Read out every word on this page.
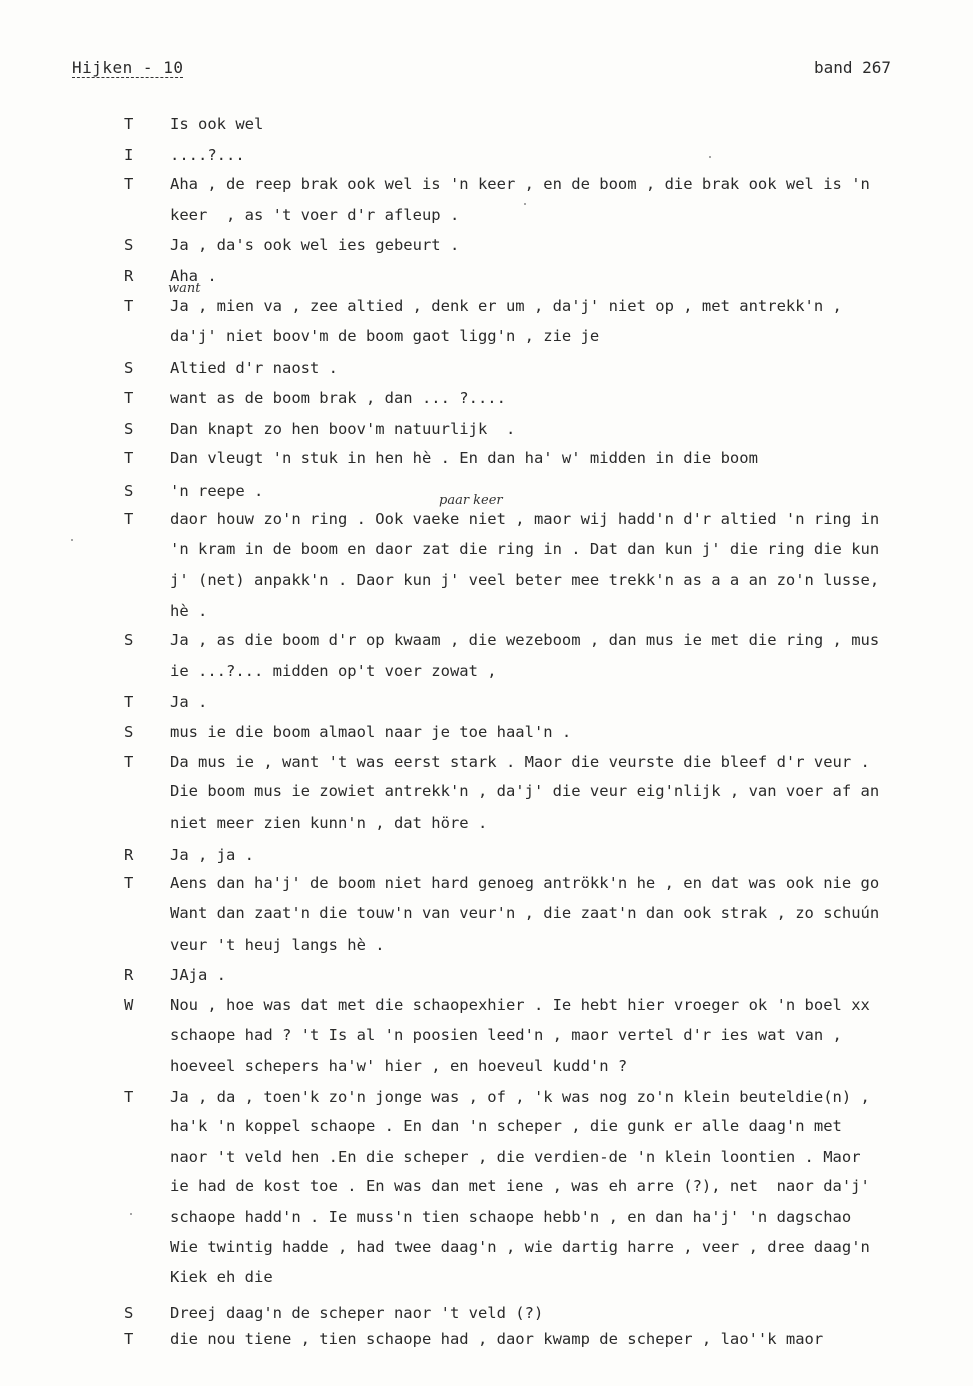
Hijken - 10	band 267
want
paar keer
T	Is ook wel
I	....?...
T	Aha , de reep brak ook wel is 'n keer , en de boom , die brak ook wel is 'n
keer  , as 't voer d'r afleup .
S	Ja , da's ook wel ies gebeurt .
R	Aha .
T	Ja , mien va , zee altied , denk er um , da'j' niet op , met antrekk'n ,
da'j' niet boov'm de boom gaot ligg'n , zie je
S	Altied d'r naost .
T	want as de boom brak , dan ... ?....
S	Dan knapt zo hen boov'm natuurlijk  .
T	Dan vleugt 'n stuk in hen hè . En dan ha' w' midden in die boom
S	'n reepe .
T	daor houw zo'n ring . Ook vaeke niet , maor wij hadd'n d'r altied 'n ring in
'n kram in de boom en daor zat die ring in . Dat dan kun j' die ring die kun
j' (net) anpakk'n . Daor kun j' veel beter mee trekk'n as a a an zo'n lusse,
hè .
S	Ja , as die boom d'r op kwaam , die wezeboom , dan mus ie met die ring , mus
ie ...?... midden op't voer zowat ,
T	Ja .
S	mus ie die boom almaol naar je toe haal'n .
T	Da mus ie , want 't was eerst stark . Maor die veurste die bleef d'r veur .
Die boom mus ie zowiet antrekk'n , da'j' die veur eig'nlijk , van voer af an
niet meer zien kunn'n , dat höre .
R	Ja , ja .
T	Aens dan ha'j' de boom niet hard genoeg antrökk'n he , en dat was ook nie go
Want dan zaat'n die touw'n van veur'n , die zaat'n dan ook strak , zo schuún
veur 't heuj langs hè .
R	JAja .
W	Nou , hoe was dat met die schaopexhier . Ie hebt hier vroeger ok 'n boel xx
schaope had ? 't Is al 'n poosien leed'n , maor vertel d'r ies wat van ,
hoeveel schepers ha'w' hier , en hoeveul kudd'n ?
T	Ja , da , toen'k zo'n jonge was , of , 'k was nog zo'n klein beuteldie(n) ,
ha'k 'n koppel schaope . En dan 'n scheper , die gunk er alle daag'n met
naor 't veld hen .En die scheper , die verdien-de 'n klein loontien . Maor
ie had de kost toe . En was dan met iene , was eh arre (?), net  naor da'j'
schaope hadd'n . Ie muss'n tien schaope hebb'n , en dan ha'j' 'n dagschao
Wie twintig hadde , had twee daag'n , wie dartig harre , veer , dree daag'n
Kiek eh die
S	Dreej daag'n de scheper naor 't veld (?)
T	die nou tiene , tien schaope had , daor kwamp de scheper , lao''k maor
